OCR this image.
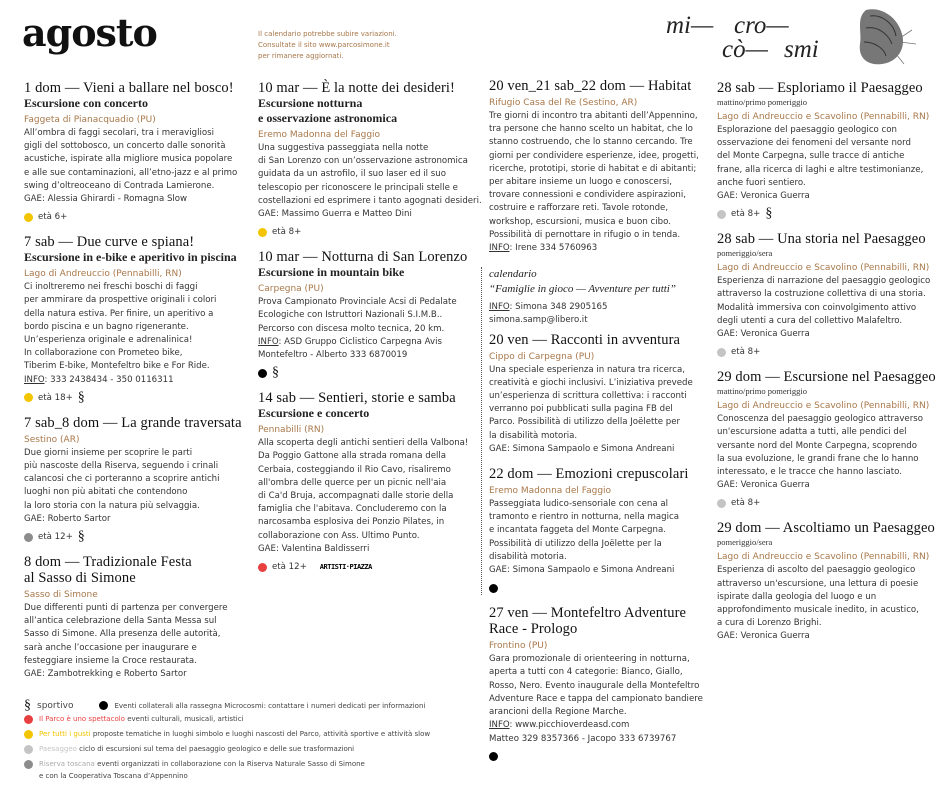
agosto	Il calendario potrebbe subire variazioni.
Consultate il sito www.parcosimone.it
per rimanere aggiornati.
mi— cro—
cò— smi
1 dom — Vieni a ballare nel bosco!
Escursione con concerto
Faggeta di Pianacquadio (PU)
All’ombra di faggi secolari, tra i meravigliosi
gigli del sottobosco, un concerto dalle sonorità
acustiche, ispirate alla migliore musica popolare
e alle sue contaminazioni, all’etno-jazz e al primo
swing d’oltreoceano di Contrada Lamierone.
GAE: Alessia Ghirardi - Romagna Slow
età 6+
7 sab — Due curve e spiana!
Escursione in e-bike e aperitivo in piscina
Lago di Andreuccio (Pennabilli, RN)
Ci inoltreremo nei freschi boschi di faggi
per ammirare da prospettive originali i colori
della natura estiva. Per finire, un aperitivo a
bordo piscina e un bagno rigenerante.
Un’esperienza originale e adrenalinica!
In collaborazione con Prometeo bike,
Tiberim E-bike, Montefeltro bike e For Ride.
INFO: 333 2438434 - 350 0116311
età 18+ §
7 sab_8 dom — La grande traversata
Sestino (AR)
Due giorni insieme per scoprire le parti
più nascoste della Riserva, seguendo i crinali
calancosi che ci porteranno a scoprire antichi
luoghi non più abitati che contendono
la loro storia con la natura più selvaggia.
GAE: Roberto Sartor
età 12+ §
8 dom — Tradizionale Festa
al Sasso di Simone
Sasso di Simone
Due differenti punti di partenza per convergere
all’antica celebrazione della Santa Messa sul
Sasso di Simone. Alla presenza delle autorità,
sarà anche l’occasione per inaugurare e
festeggiare insieme la Croce restaurata.
GAE: Zambotrekking e Roberto Sartor
10 mar — È la notte dei desideri!
Escursione notturna
e osservazione astronomica
Eremo Madonna del Faggio
Una suggestiva passeggiata nella notte
di San Lorenzo con un’osservazione astronomica
guidata da un astrofilo, il suo laser ed il suo
telescopio per riconoscere le principali stelle e
costellazioni ed esprimere i tanto agognati desideri.
GAE: Massimo Guerra e Matteo Dini
età 8+
10 mar — Notturna di San Lorenzo
Escursione in mountain bike
Carpegna (PU)
Prova Campionato Provinciale Acsi di Pedalate
Ecologiche con Istruttori Nazionali S.I.M.B..
Percorso con discesa molto tecnica, 20 km.
INFO: ASD Gruppo Ciclistico Carpegna Avis
Montefeltro - Alberto 333 6870019
§
14 sab — Sentieri, storie e samba
Escursione e concerto
Pennabilli (RN)
Alla scoperta degli antichi sentieri della Valbona!
Da Poggio Gattone alla strada romana della
Cerbaia, costeggiando il Rio Cavo, risaliremo
all'ombra delle querce per un picnic nell'aia
di Ca'd Bruja, accompagnati dalle storie della
famiglia che l'abitava. Concluderemo con la
narcosamba esplosiva dei Ponzio Pilates, in
collaborazione con Ass. Ultimo Punto.
GAE: Valentina Baldisserri
età 12+ ARTISTI·PIAZZA
20 ven_21 sab_22 dom — Habitat
Rifugio Casa del Re (Sestino, AR)
Tre giorni di incontro tra abitanti dell’Appennino,
tra persone che hanno scelto un habitat, che lo
stanno costruendo, che lo stanno cercando. Tre
giorni per condividere esperienze, idee, progetti,
ricerche, prototipi, storie di habitat e di abitanti;
per abitare insieme un luogo e conoscersi,
trovare connessioni e condividere aspirazioni,
costruire e rafforzare reti. Tavole rotonde,
workshop, escursioni, musica e buon cibo.
Possibilità di pernottare in rifugio o in tenda.
INFO: Irene 334 5760963
calendario
“Famiglie in gioco — Avventure per tutti”
INFO: Simona 348 2905165
simona.samp@libero.it
20 ven — Racconti in avventura
Cippo di Carpegna (PU)
Una speciale esperienza in natura tra ricerca,
creatività e giochi inclusivi. L’iniziativa prevede
un’esperienza di scrittura collettiva: i racconti
verranno poi pubblicati sulla pagina FB del
Parco. Possibilità di utilizzo della Joëlette per
la disabilità motoria.
GAE: Simona Sampaolo e Simona Andreani
22 dom — Emozioni crepuscolari
Eremo Madonna del Faggio
Passeggiata ludico-sensoriale con cena al
tramonto e rientro in notturna, nella magica
e incantata faggeta del Monte Carpegna.
Possibilità di utilizzo della Joëlette per la
disabilità motoria.
GAE: Simona Sampaolo e Simona Andreani
27 ven — Montefeltro Adventure
Race - Prologo
Frontino (PU)
Gara promozionale di orienteering in notturna,
aperta a tutti con 4 categorie: Bianco, Giallo,
Rosso, Nero. Evento inaugurale della Montefeltro
Adventure Race e tappa del campionato bandiere
arancioni della Regione Marche.
INFO: www.picchioverdeasd.com
Matteo 329 8357366 - Jacopo 333 6739767
28 sab — Esploriamo il Paesaggeo
mattino/primo pomeriggio
Lago di Andreuccio e Scavolino (Pennabilli, RN)
Esplorazione del paesaggio geologico con
osservazione dei fenomeni del versante nord
del Monte Carpegna, sulle tracce di antiche
frane, alla ricerca di laghi e altre testimonianze,
anche fuori sentiero.
GAE: Veronica Guerra
età 8+ §
28 sab — Una storia nel Paesaggeo
pomeriggio/sera
Lago di Andreuccio e Scavolino (Pennabilli, RN)
Esperienza di narrazione del paesaggio geologico
attraverso la costruzione collettiva di una storia.
Modalità immersiva con coinvolgimento attivo
degli utenti a cura del collettivo Malafeltro.
GAE: Veronica Guerra
età 8+
29 dom — Escursione nel Paesaggeo
mattino/primo pomeriggio
Lago di Andreuccio e Scavolino (Pennabilli, RN)
Conoscenza del paesaggio geologico attraverso
un'escursione adatta a tutti, alle pendici del
versante nord del Monte Carpegna, scoprendo
la sua evoluzione, le grandi frane che lo hanno
interessato, e le tracce che hanno lasciato.
GAE: Veronica Guerra
età 8+
29 dom — Ascoltiamo un Paesaggeo
pomeriggio/sera
Lago di Andreuccio e Scavolino (Pennabilli, RN)
Esperienza di ascolto del paesaggio geologico
attraverso un'escursione, una lettura di poesie
ispirate dalla geologia del luogo e un
approfondimento musicale inedito, in acustico,
a cura di Lorenzo Brighi.
GAE: Veronica Guerra
§ sportivo	Eventi collaterali alla rassegna Microcosmi: contattare i numeri dedicati per informazioni
Il Parco è uno spettacolo eventi culturali, musicali, artistici
Per tutti i gusti proposte tematiche in luoghi simbolo e luoghi nascosti del Parco, attività sportive e attività slow
Paesaggeo ciclo di escursioni sul tema del paesaggio geologico e delle sue trasformazioni
Riserva toscana eventi organizzati in collaborazione con la Riserva Naturale Sasso di Simone
e con la Cooperativa Toscana d’Appennino
